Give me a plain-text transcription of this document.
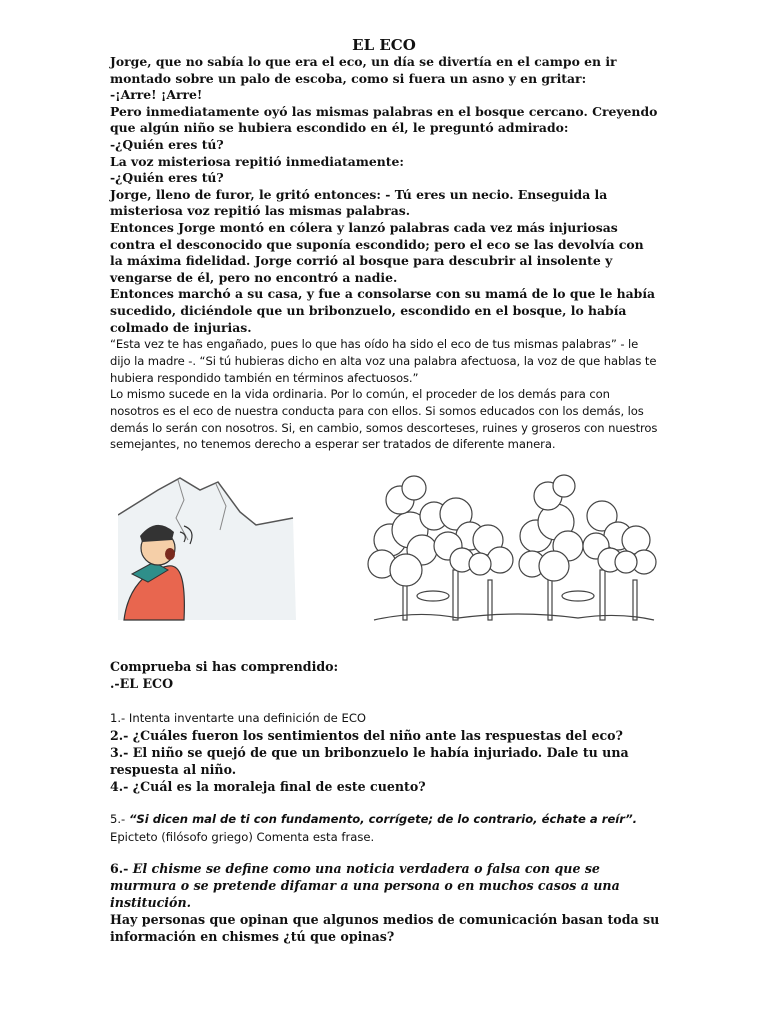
EL ECO

Jorge, que no sabía lo que era el eco, un día se divertía en el campo en ir montado sobre un palo de escoba, como si fuera un asno y en gritar:

-¡Arre! ¡Arre!

Pero inmediatamente oyó las mismas palabras en el bosque cercano. Creyendo que algún niño se hubiera escondido en él, le preguntó admirado:

-¿Quién eres tú?

La voz misteriosa repitió inmediatamente:

-¿Quién eres tú?

Jorge, lleno de furor, le gritó entonces: - Tú eres un necio. Enseguida la misteriosa voz repitió las mismas palabras.

Entonces Jorge montó en cólera y lanzó palabras cada vez más injuriosas contra el desconocido que suponía escondido; pero el eco se las devolvía con la máxima fidelidad. Jorge corrió al bosque para descubrir al insolente y vengarse de él, pero no encontró a nadie.

Entonces marchó a su casa, y fue a consolarse con su mamá de lo que le había sucedido, diciéndole que un bribonzuelo, escondido en el bosque, lo había colmado de injurias.

“Esta vez te has engañado, pues lo que has oído ha sido el eco de tus mismas palabras” - le dijo la madre -. “Si tú hubieras dicho en alta voz una palabra afectuosa, la voz de que hablas te hubiera respondido también en términos afectuosos.”

Lo mismo sucede en la vida ordinaria. Por lo común, el proceder de los demás para con nosotros es el eco de nuestra conducta para con ellos. Si somos educados con los demás, los demás lo serán con nosotros. Si, en cambio, somos descorteses, ruines y groseros con nuestros semejantes, no tenemos derecho a esperar ser tratados de diferente manera.

Comprueba si has comprendido:

.-EL ECO

1.- Intenta inventarte una definición de ECO

2.- ¿Cuáles fueron los sentimientos del niño ante las respuestas del eco?

3.- El niño se quejó de que un bribonzuelo le había injuriado. Dale tu una respuesta al niño.

4.- ¿Cuál es la moraleja final de este cuento?

5.- “Si dicen mal de ti con fundamento, corrígete; de lo contrario, échate a reír”. Epicteto (filósofo griego) Comenta esta frase.

6.- El chisme se define como una noticia verdadera o falsa con que se murmura o se pretende difamar a una persona o en muchos casos a una institución.

Hay personas que opinan que algunos medios de comunicación basan toda su información en chismes ¿tú que opinas?
